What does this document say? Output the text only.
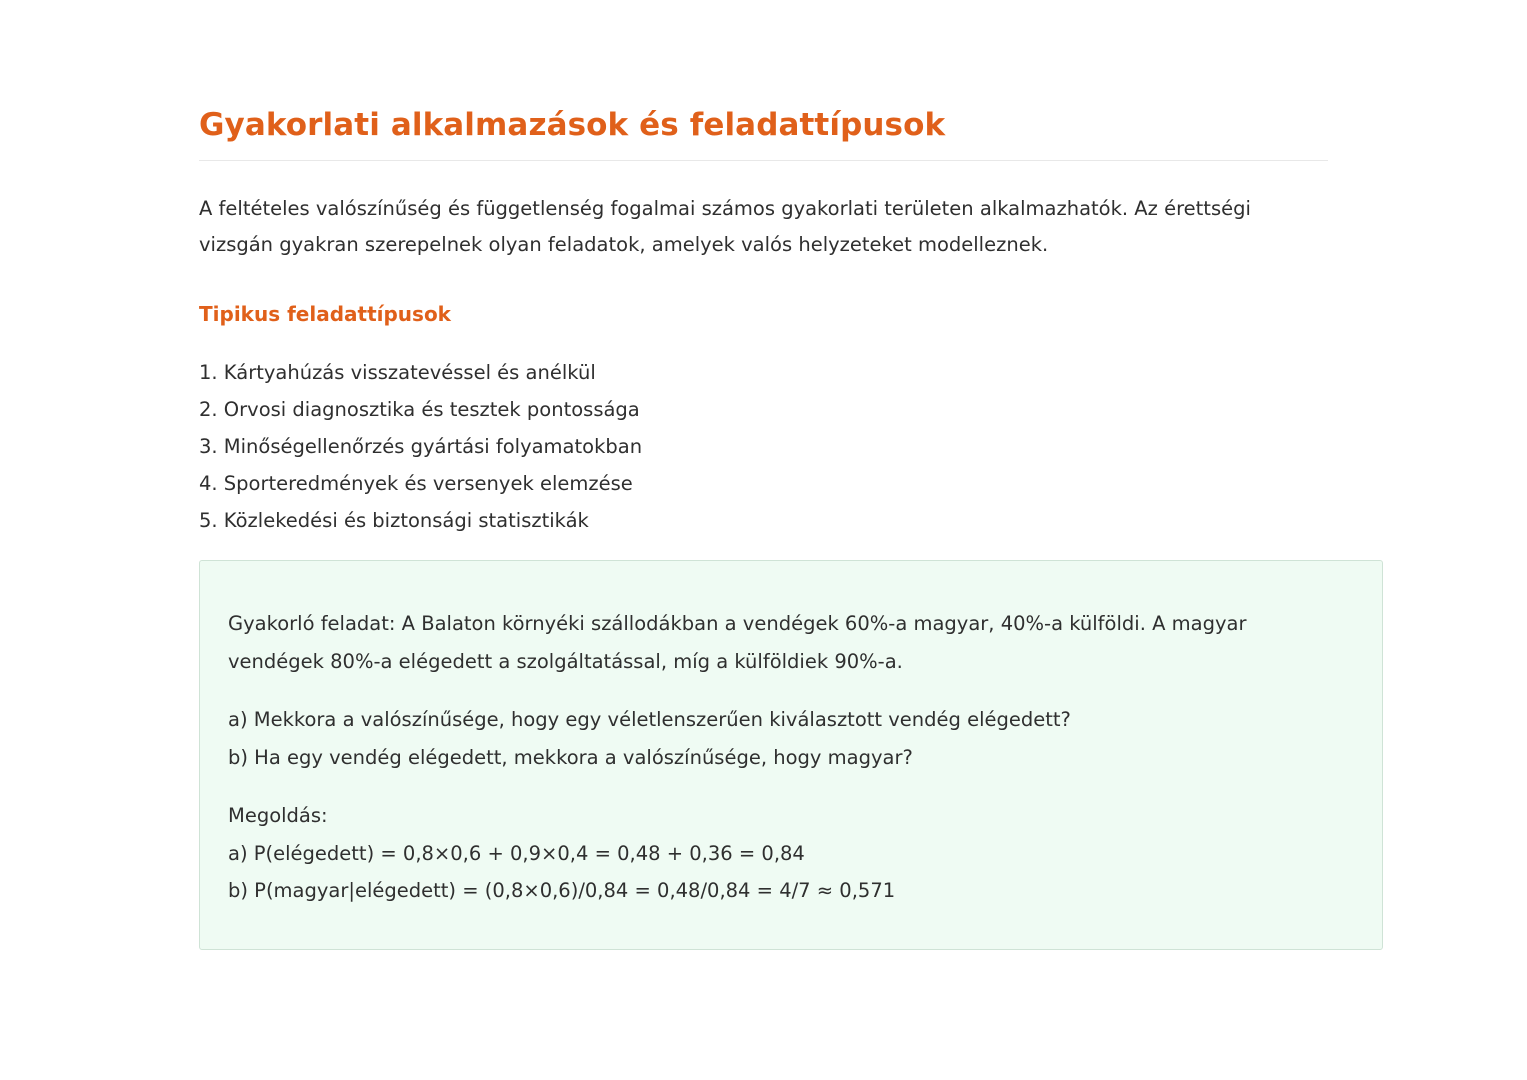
Gyakorlati alkalmazások és feladattípusok

A feltételes valószínűség és függetlenség fogalmai számos gyakorlati területen alkalmazhatók. Az érettségi vizsgán gyakran szerepelnek olyan feladatok, amelyek valós helyzeteket modelleznek.

Tipikus feladattípusok
1. Kártyahúzás visszatevéssel és anélkül
2. Orvosi diagnosztika és tesztek pontossága
3. Minőségellenőrzés gyártási folyamatokban
4. Sporteredmények és versenyek elemzése
5. Közlekedési és biztonsági statisztikák

Gyakorló feladat: A Balaton környéki szállodákban a vendégek 60%-a magyar, 40%-a külföldi. A magyar vendégek 80%-a elégedett a szolgáltatással, míg a külföldiek 90%-a.

a) Mekkora a valószínűsége, hogy egy véletlenszerűen kiválasztott vendég elégedett?

b) Ha egy vendég elégedett, mekkora a valószínűsége, hogy magyar?

Megoldás:

a) P(elégedett) = 0,8×0,6 + 0,9×0,4 = 0,48 + 0,36 = 0,84

b) P(magyar|elégedett) = (0,8×0,6)/0,84 = 0,48/0,84 = 4/7 ≈ 0,571
